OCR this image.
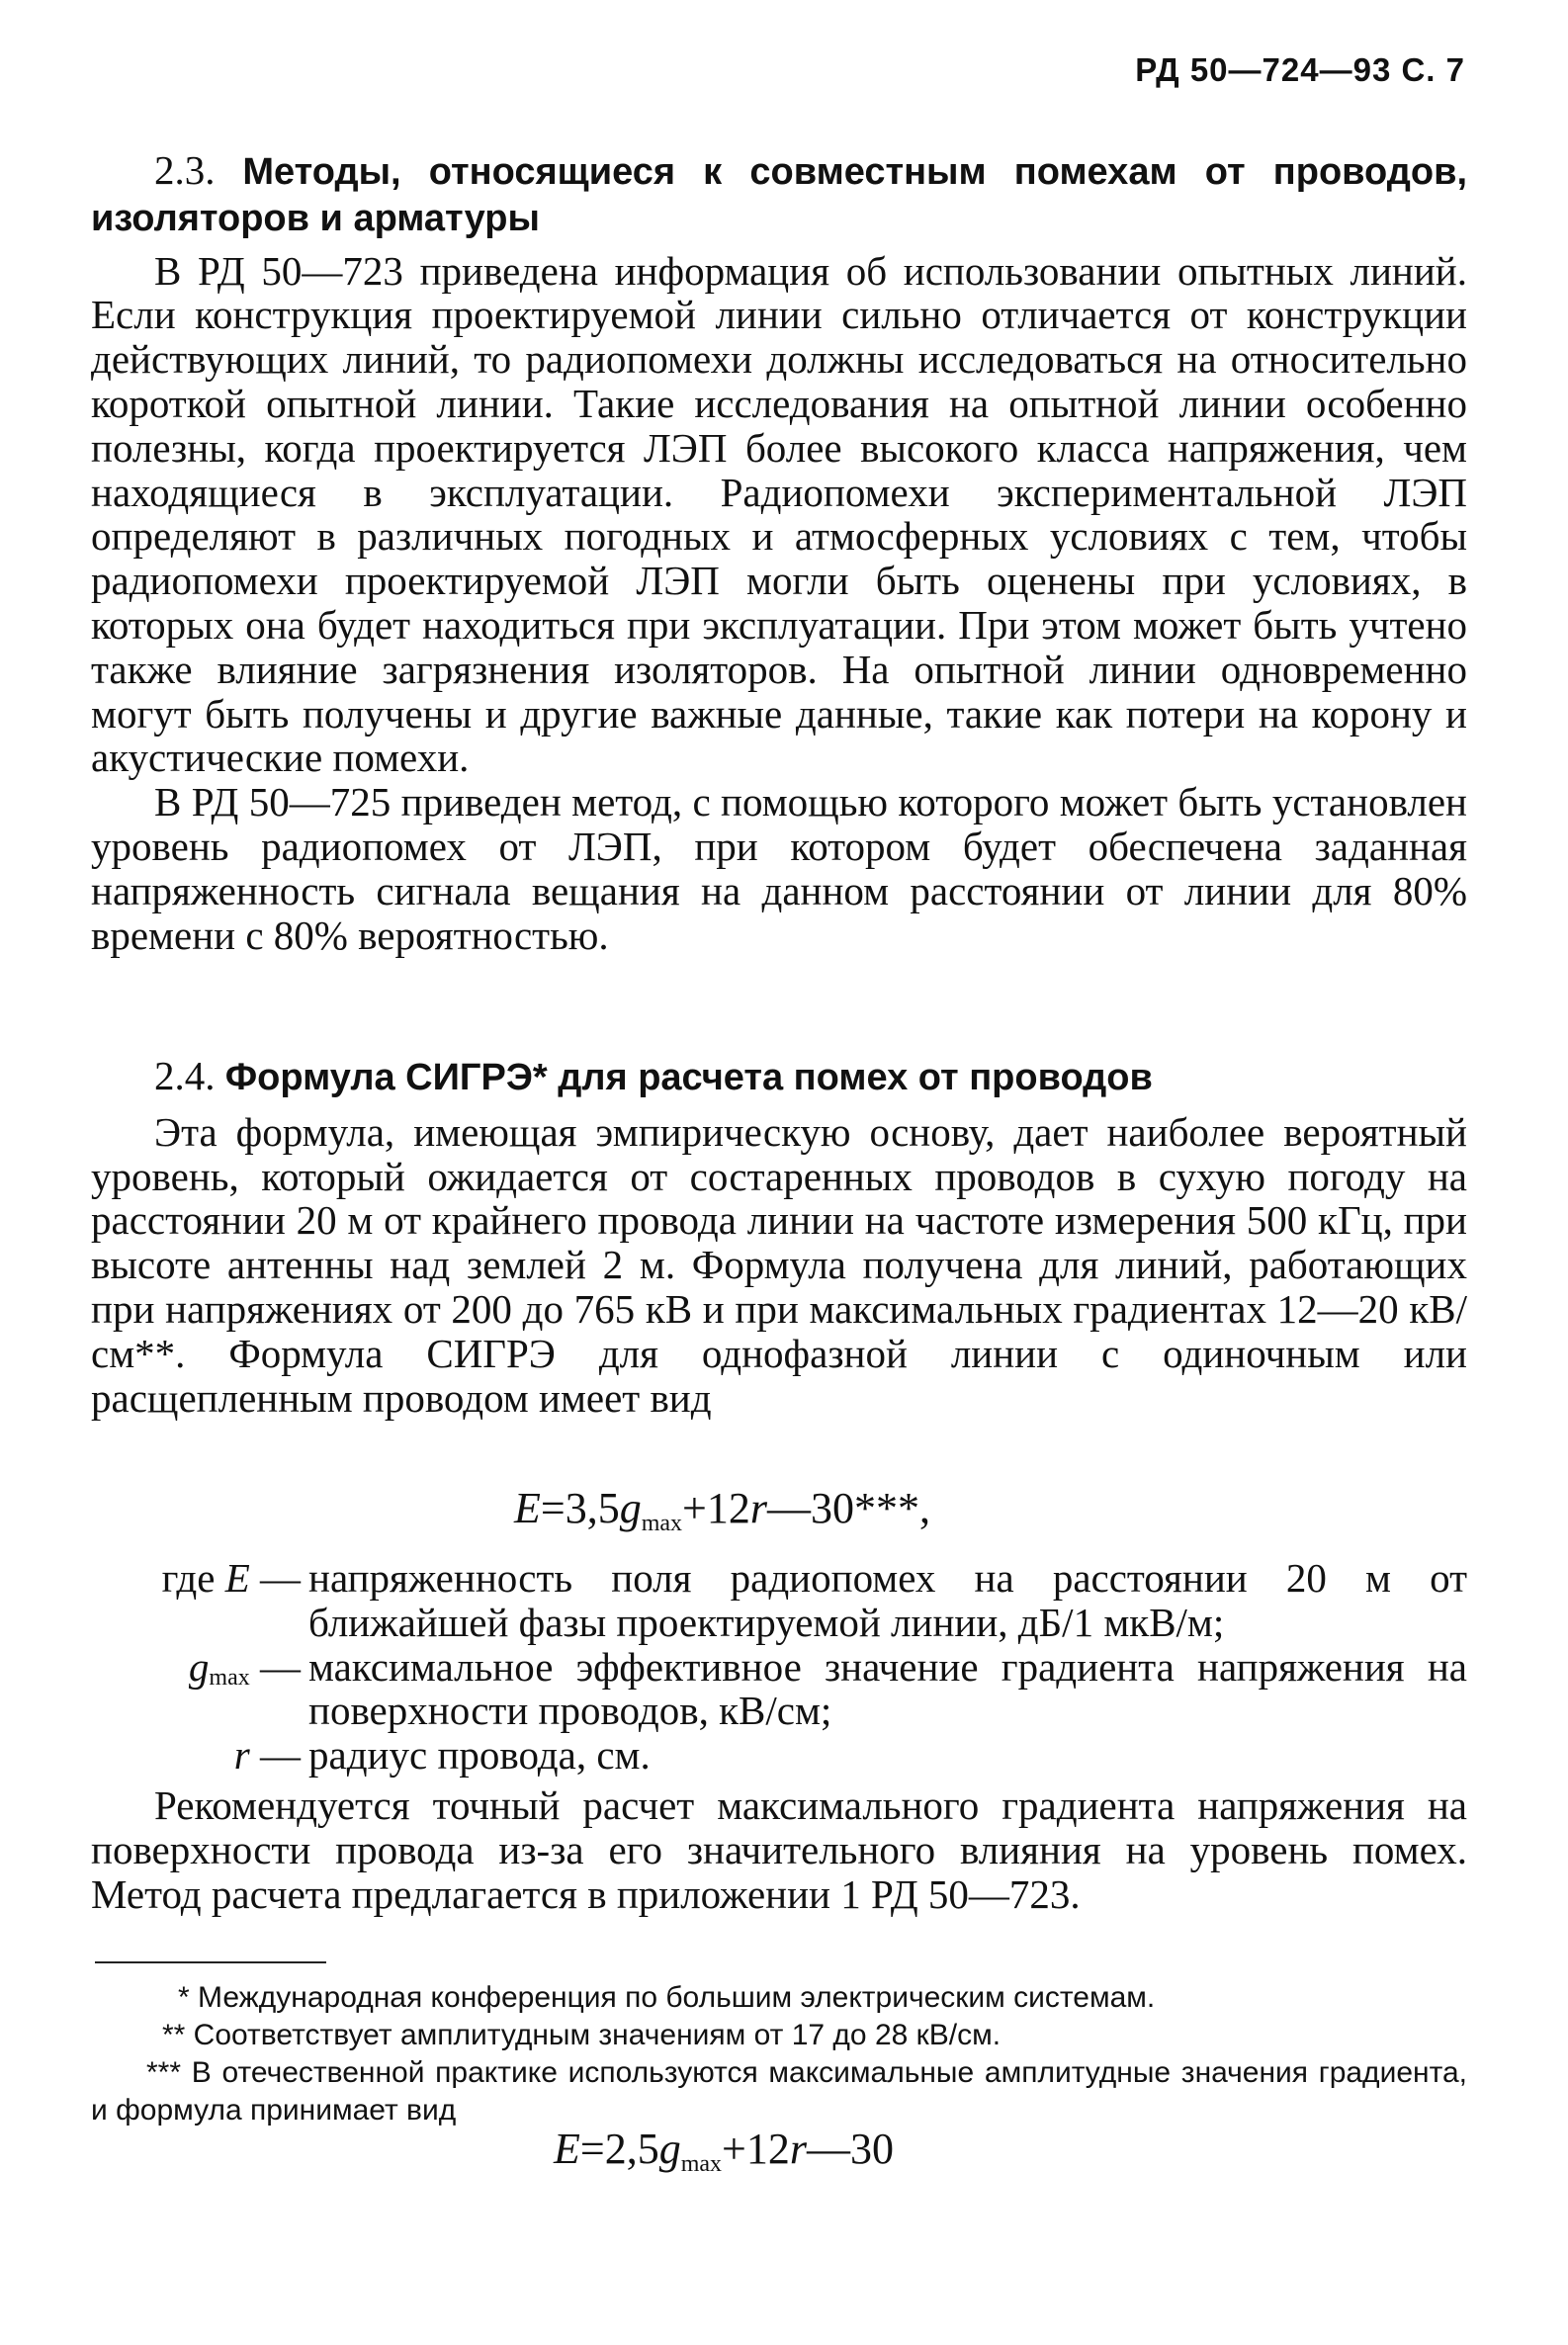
РД 50—724—93 С. 7
2.3. Методы, относящиеся к совместным помехам от проводов, изоляторов и арматуры
В РД 50—723 приведена информация об использовании опытных линий. Если конструкция проектируемой линии сильно отличается от конструкции действующих линий, то радиопомехи должны исследоваться на относительно короткой опытной линии. Такие исследования на опытной линии особенно полезны, когда проектируется ЛЭП более высокого класса напряжения, чем находящиеся в эксплуатации. Радиопомехи экспериментальной ЛЭП определяют в различных погодных и атмосферных условиях с тем, чтобы радиопомехи проектируемой ЛЭП могли быть оценены при условиях, в которых она будет находиться при эксплуатации. При этом может быть учтено также влияние загрязнения изоляторов. На опытной линии одновременно могут быть получены и другие важные данные, такие как потери на корону и акустические помехи.
В РД 50—725 приведен метод, с помощью которого может быть установлен уровень радиопомех от ЛЭП, при котором будет обеспечена заданная напряженность сигнала вещания на данном расстоянии от линии для 80% времени с 80% вероятностью.
2.4. Формула СИГРЭ* для расчета помех от проводов
Эта формула, имеющая эмпирическую основу, дает наиболее вероятный уровень, который ожидается от состаренных проводов в сухую погоду на расстоянии 20 м от крайнего провода линии на частоте измерения 500 кГц, при высоте антенны над землей 2 м. Формула получена для линий, работающих при напряжениях от 200 до 765 кВ и при максимальных градиентах 12—20 кВ/см**. Формула СИГРЭ для однофазной линии с одиночным или расщепленным проводом имеет вид
$E=3,5g_{max}+12r—30***$,
где E — напряженность поля радиопомех на расстоянии 20 м от ближайшей фазы проектируемой линии, дБ/1 мкВ/м;
$g_{max}$ — максимальное эффективное значение градиента напряжения на поверхности проводов, кВ/см;
r — радиус провода, см.
Рекомендуется точный расчет максимального градиента напряжения на поверхности провода из-за его значительного влияния на уровень помех. Метод расчета предлагается в приложении 1 РД 50—723.
* Международная конференция по большим электрическим системам.
** Соответствует амплитудным значениям от 17 до 28 кВ/см.
*** В отечественной практике используются максимальные амплитудные значения градиента, и формула принимает вид
$E=2,5g_{max}+12r—30$
